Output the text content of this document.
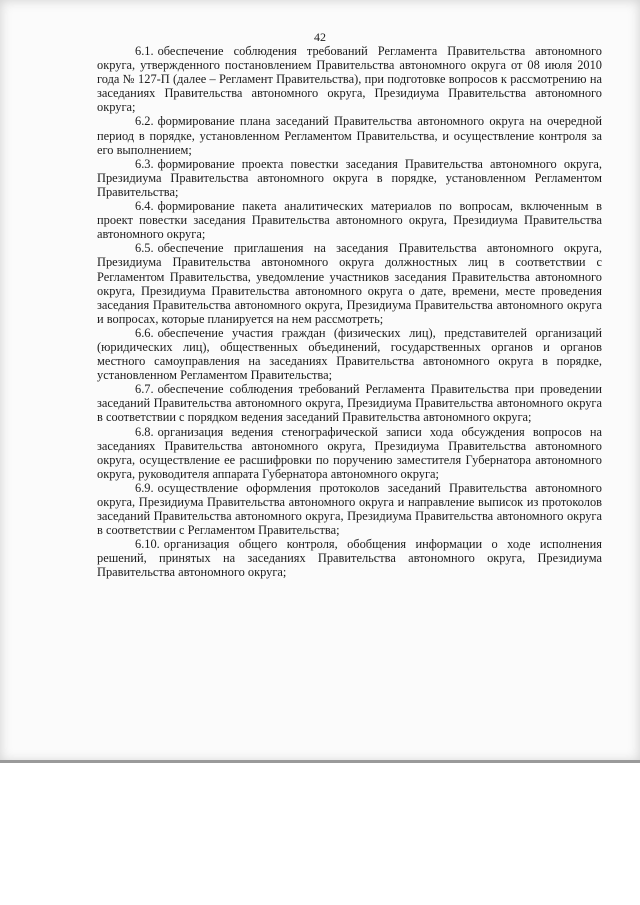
42

6.1. обеспечение соблюдения требований Регламента Правительства автономного округа, утвержденного постановлением Правительства автономного округа от 08 июля 2010 года № 127-П (далее – Регламент Правительства), при подготовке вопросов к рассмотрению на заседаниях Правительства автономного округа, Президиума Правительства автономного округа;

6.2. формирование плана заседаний Правительства автономного округа на очередной период в порядке, установленном Регламентом Правительства, и осуществление контроля за его выполнением;

6.3. формирование проекта повестки заседания Правительства автономного округа, Президиума Правительства автономного округа в порядке, установленном Регламентом Правительства;

6.4. формирование пакета аналитических материалов по вопросам, включенным в проект повестки заседания Правительства автономного округа, Президиума Правительства автономного округа;

6.5. обеспечение приглашения на заседания Правительства автономного округа, Президиума Правительства автономного округа должностных лиц в соответствии с Регламентом Правительства, уведомление участников заседания Правительства автономного округа, Президиума Правительства автономного округа о дате, времени, месте проведения заседания Правительства автономного округа, Президиума Правительства автономного округа и вопросах, которые планируется на нем рассмотреть;

6.6. обеспечение участия граждан (физических лиц), представителей организаций (юридических лиц), общественных объединений, государственных органов и органов местного самоуправления на заседаниях Правительства автономного округа в порядке, установленном Регламентом Правительства;

6.7. обеспечение соблюдения требований Регламента Правительства при проведении заседаний Правительства автономного округа, Президиума Правительства автономного округа в соответствии с порядком ведения заседаний Правительства автономного округа;

6.8. организация ведения стенографической записи хода обсуждения вопросов на заседаниях Правительства автономного округа, Президиума Правительства автономного округа, осуществление ее расшифровки по поручению заместителя Губернатора автономного округа, руководителя аппарата Губернатора автономного округа;

6.9. осуществление оформления протоколов заседаний Правительства автономного округа, Президиума Правительства автономного округа и направление выписок из протоколов заседаний Правительства автономного округа, Президиума Правительства автономного округа в соответствии с Регламентом Правительства;

6.10. организация общего контроля, обобщения информации о ходе исполнения решений, принятых на заседаниях Правительства автономного округа, Президиума Правительства автономного округа;
